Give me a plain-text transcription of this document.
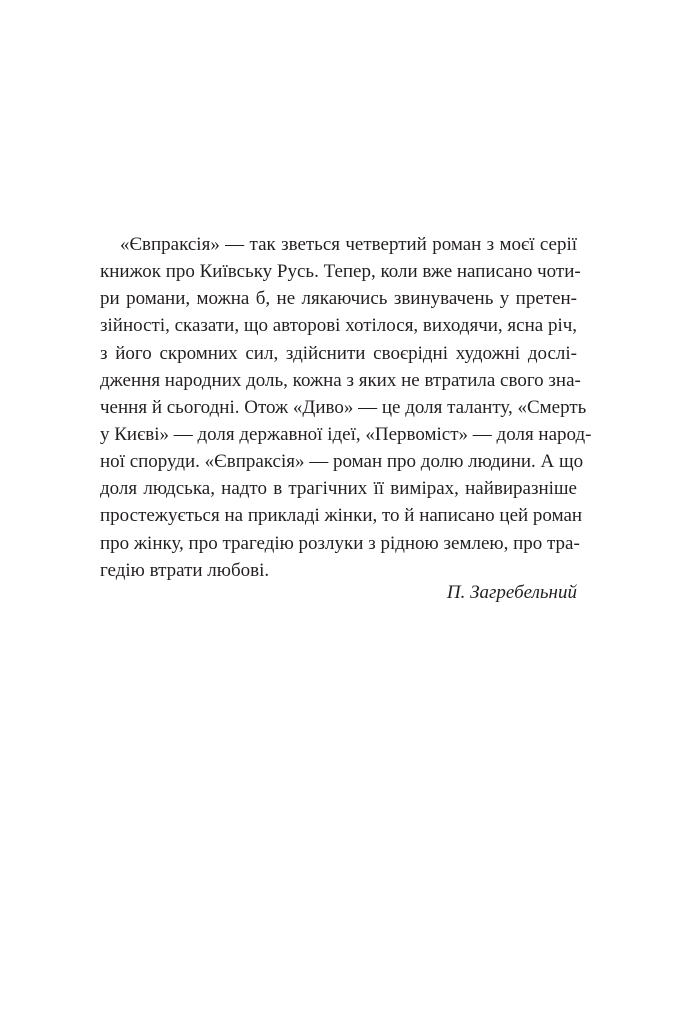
«Євпраксія» — так зветься четвертий роман з моєї серії
книжок про Київську Русь. Тепер, коли вже написано чоти-
ри романи, можна б, не лякаючись звинувачень у претен-
зійності, сказати, що авторові хотілося, виходячи, ясна річ,
з його скромних сил, здійснити своєрідні художні дослі-
дження народних доль, кожна з яких не втратила свого зна-
чення й сьогодні. Отож «Диво» — це доля таланту, «Смерть
у Києві» — доля державної ідеї, «Первоміст» — доля народ-
ної споруди. «Євпраксія» — роман про долю людини. А що
доля людська, надто в трагічних її вимірах, найвиразніше
простежується на прикладі жінки, то й написано цей роман
про жінку, про трагедію розлуки з рідною землею, про тра-
гедію втрати любові.
П. Загребельний
